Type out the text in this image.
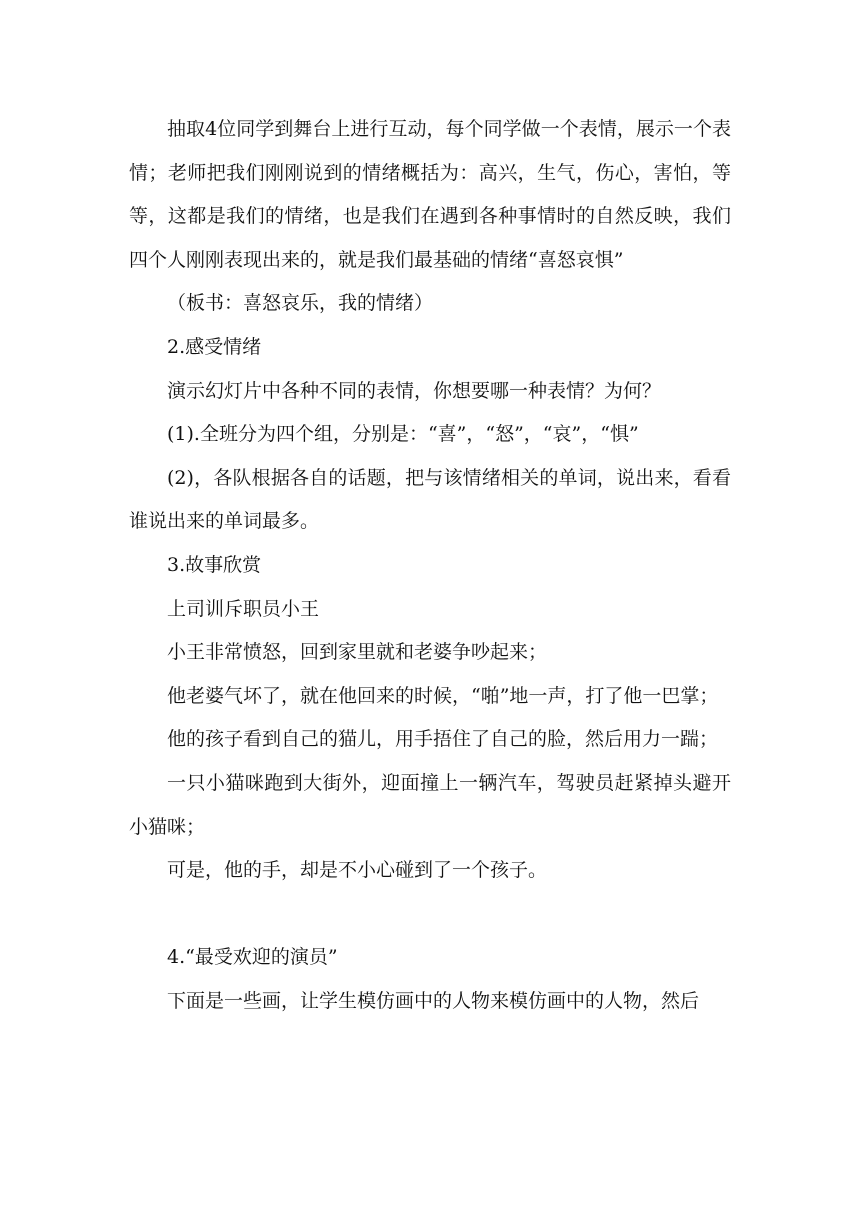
抽取4位同学到舞台上进行互动，每个同学做一个表情，展示一个表情；老师把我们刚刚说到的情绪概括为：高兴，生气，伤心，害怕，等等，这都是我们的情绪，也是我们在遇到各种事情时的自然反映，我们四个人刚刚表现出来的，就是我们最基础的情绪“喜怒哀惧”

（板书：喜怒哀乐，我的情绪）

2.感受情绪

演示幻灯片中各种不同的表情，你想要哪一种表情？为何？

(1).全班分为四个组，分别是：“喜”，“怒”，“哀”，“惧”

(2)，各队根据各自的话题，把与该情绪相关的单词，说出来，看看谁说出来的单词最多。

3.故事欣赏

上司训斥职员小王

小王非常愤怒，回到家里就和老婆争吵起来；

他老婆气坏了，就在他回来的时候，“啪”地一声，打了他一巴掌；

他的孩子看到自己的猫儿，用手捂住了自己的脸，然后用力一踹；

一只小猫咪跑到大街外，迎面撞上一辆汽车，驾驶员赶紧掉头避开小猫咪；

可是，他的手，却是不小心碰到了一个孩子。

4.“最受欢迎的演员”

下面是一些画，让学生模仿画中的人物来模仿画中的人物，然后
